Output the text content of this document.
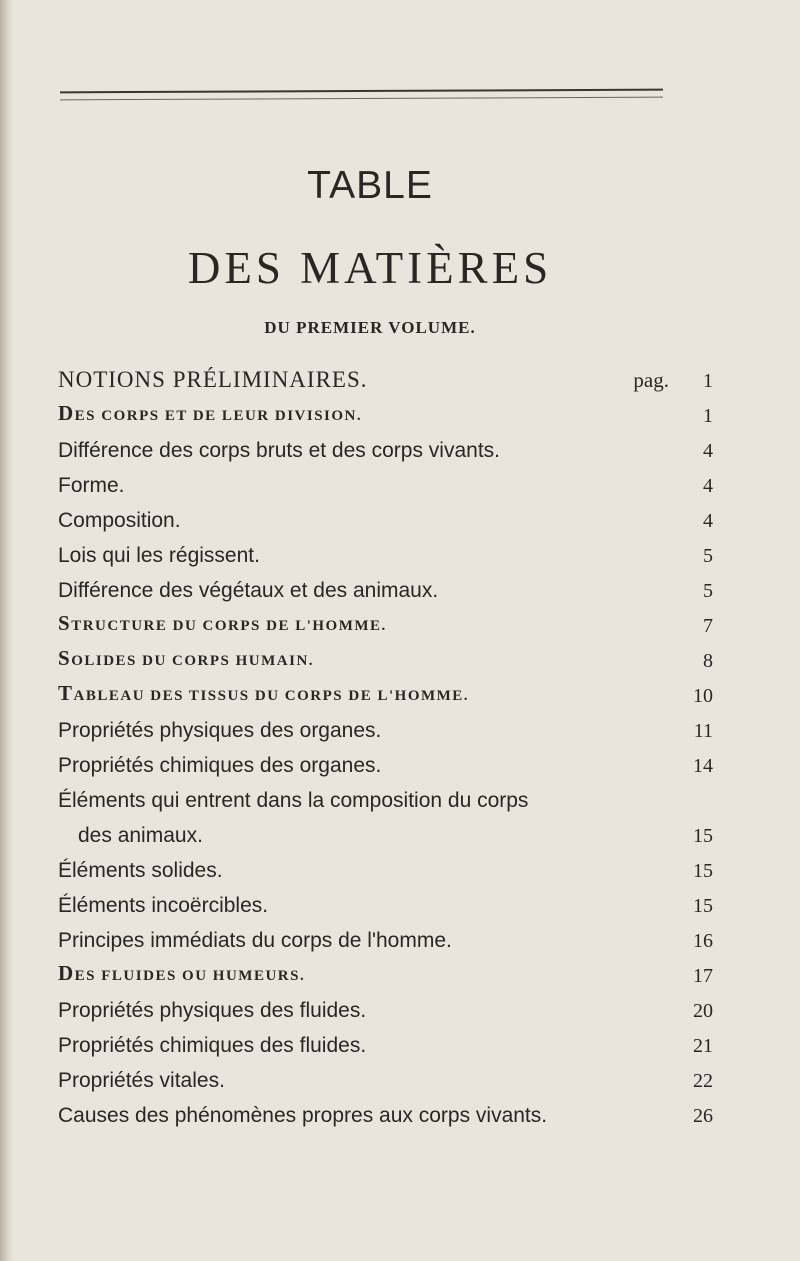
TABLE
DES MATIÈRES
DU PREMIER VOLUME.
NOTIONS PRÉLIMINAIRES.	pag. 1
DES CORPS ET DE LEUR DIVISION.	1
Différence des corps bruts et des corps vivants.	4
Forme.	4
Composition.	4
Lois qui les régissent.	5
Différence des végétaux et des animaux.	5
STRUCTURE DU CORPS DE L'HOMME.	7
SOLIDES DU CORPS HUMAIN.	8
TABLEAU DES TISSUS DU CORPS DE L'HOMME.	10
Propriétés physiques des organes.	11
Propriétés chimiques des organes.	14
Éléments qui entrent dans la composition du corps
des animaux.	15
Éléments solides.	15
Éléments incoërcibles.	15
Principes immédiats du corps de l'homme.	16
DES FLUIDES OU HUMEURS.	17
Propriétés physiques des fluides.	20
Propriétés chimiques des fluides.	21
Propriétés vitales.	22
Causes des phénomènes propres aux corps vivants.	26
